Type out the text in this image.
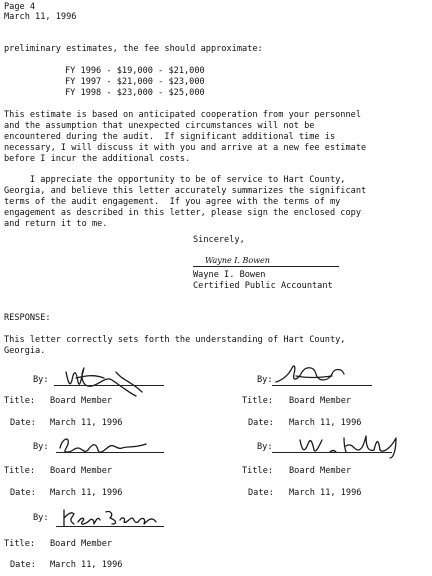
Page 4
March 11, 1996
preliminary estimates, the fee should approximate:
FY 1996 - $19,000 - $21,000
FY 1997 - $21,000 - $23,000
FY 1998 - $23,000 - $25,000
This estimate is based on anticipated cooperation from your personnel
and the assumption that unexpected circumstances will not be
encountered during the audit.  If significant additional time is
necessary, I will discuss it with you and arrive at a new fee estimate
before I incur the additional costs.
I appreciate the opportunity to be of service to Hart County,
Georgia, and believe this letter accurately summarizes the significant
terms of the audit engagement.  If you agree with the terms of my
engagement as described in this letter, please sign the enclosed copy
and return it to me.
Sincerely,
Wayne I. Bowen
Wayne I. Bowen
Certified Public Accountant
RESPONSE:
This letter correctly sets forth the understanding of Hart County,
Georgia.
By:
Title: Board Member
Date: March 11, 1996
By:
Title: Board Member
Date: March 11, 1996
By:
Title: Board Member
Date: March 11, 1996
By:
Title: Board Member
Date: March 11, 1996
By:
Title: Board Member
Date: March 11, 1996
